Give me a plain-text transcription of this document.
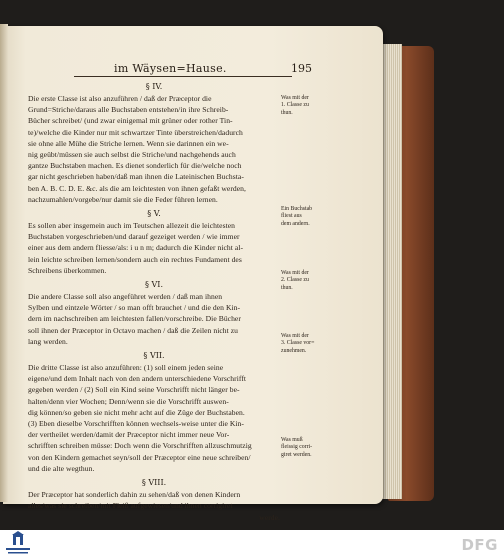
im Wäysen=Hause.	195
§ IV.
Die erste Classe ist also anzuführen / daß der Præceptor die
Grund=Striche/daraus alle Buchstaben entstehen/in ihre Schreib-
Bücher schreibet/ (und zwar einigemal mit grüner oder rother Tin-
te)/welche die Kinder nur mit schwartzer Tinte überstreichen/dadurch
sie ohne alle Mühe die Striche lernen. Wenn sie darinnen ein we-
nig geübt/müssen sie auch selbst die Striche/und nachgehends auch
gantze Buchstaben machen. Es dienet sonderlich für die/welche noch
gar nicht geschrieben haben/daß man ihnen die Lateinischen Buchsta-
ben A. B. C. D. E. &c. als die am leichtesten von ihnen gefaßt werden,
nachzumahlen/vorgebe/nur damit sie die Feder führen lernen.
§ V.
Es sollen aber insgemein auch im Teutschen allezeit die leichtesten
Buchstaben vorgeschrieben/und darauf gezeiget werden / wie immer
einer aus dem andern fliesse/als: i u n m; dadurch die Kinder nicht al-
lein leichte schreiben lernen/sondern auch ein rechtes Fundament des
Schreibens überkommen.
§ VI.
Die andere Classe soll also angeführet werden / daß man ihnen
Sylben und eintzele Wörter / so man offt brauchet / und die den Kin-
dern im nachschreiben am leichtesten fallen/vorschreibe. Die Bücher
soll ihnen der Præceptor in Octavo machen / daß die Zeilen nicht zu
lang werden.
§ VII.
Die dritte Classe ist also anzuführen: (1) soll einem jeden seine
eigene/und dem Inhalt nach von den andern unterschiedene Vorschrifft
gegeben werden / (2) Soll ein Kind seine Vorschrifft nicht länger be-
halten/denn vier Wochen; Denn/wenn sie die Vorschrifft auswen-
dig können/so geben sie nicht mehr acht auf die Züge der Buchstaben.
(3) Eben dieselbe Vorschrifften können wechsels-weise unter die Kin-
der vertheilet werden/damit der Præceptor nicht immer neue Vor-
schrifften schreiben müsse: Doch wenn die Vorschrifften allzuschmutzig
von den Kindern gemachet seyn/soll der Præceptor eine neue schreiben/
und die alte wegthun.
§ VIII.
Der Præceptor hat sonderlich dahin zu sehen/daß von denen Kindern
alles/was sie schreiben/mit Fleiß aufgewiesen/und ihnen corrigiret
werde.
Was mit der
1. Classe zu
thun.
Ein Buchstab
fliest aus
dem andern.
Was mit der
2. Classe zu
thun.
Was mit der
3. Classe vor=
zunehmen.
Was muß
fleissig corri-
giret werden.
DFG
